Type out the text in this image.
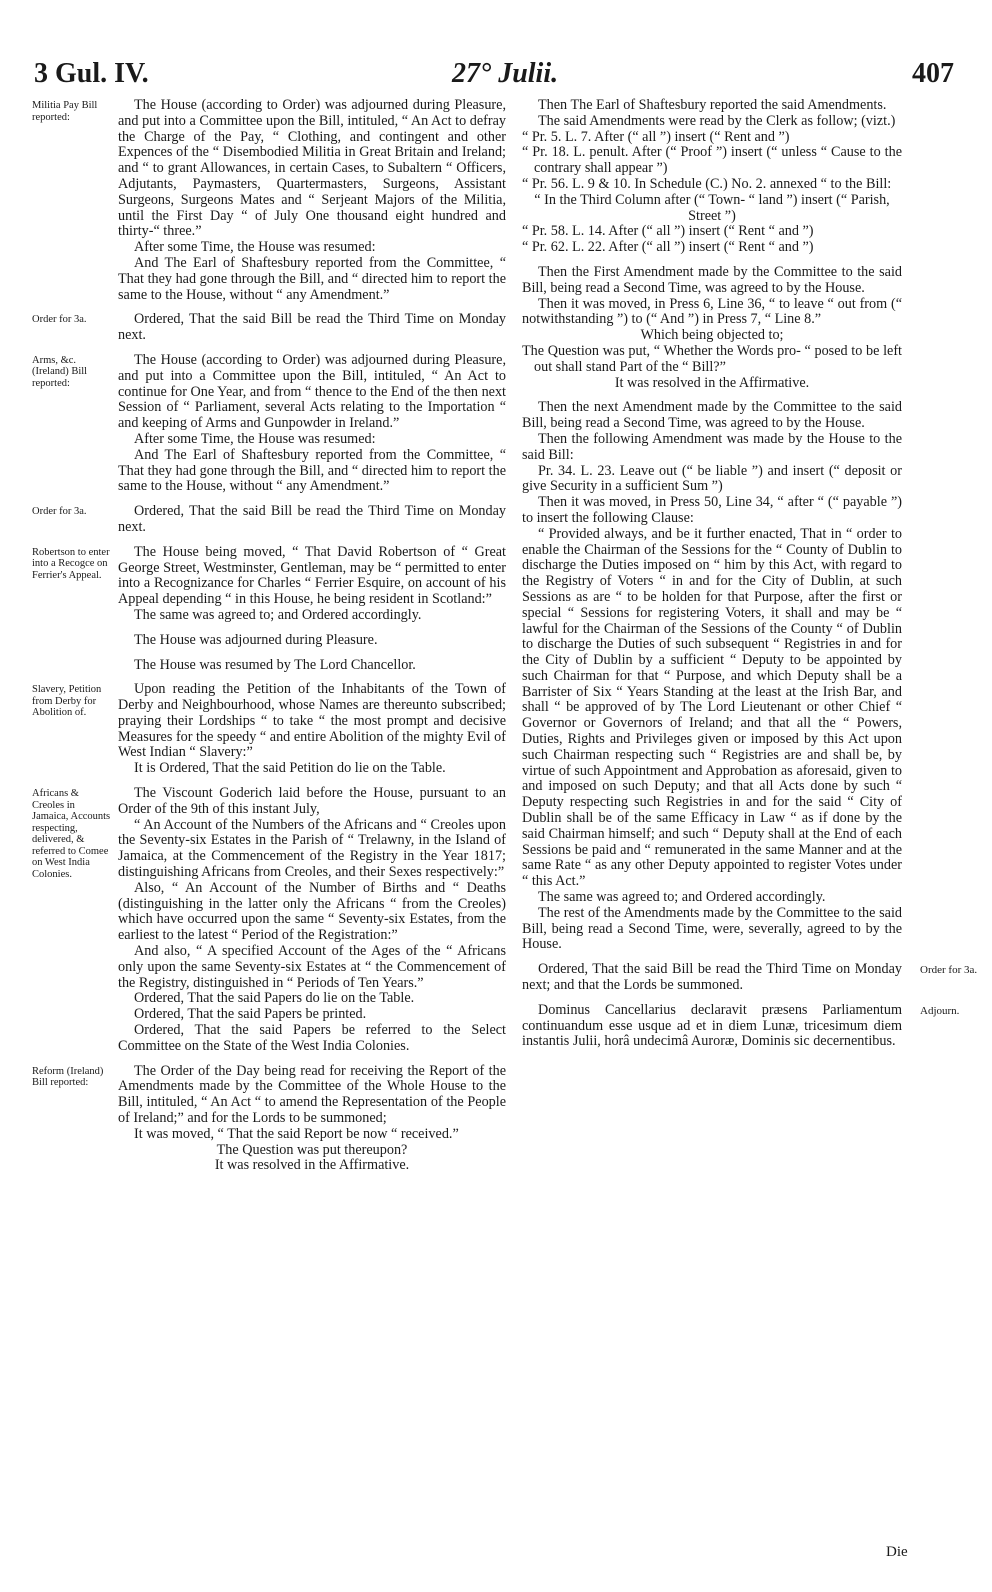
3 Gul. IV.	27° Julii.	407
Militia Pay Bill reported:

The House (according to Order) was adjourned during Pleasure, and put into a Committee upon the Bill, intituled, “ An Act to defray the Charge of the Pay, “ Clothing, and contingent and other Expences of the “ Disembodied Militia in Great Britain and Ireland; and “ to grant Allowances, in certain Cases, to Subaltern “ Officers, Adjutants, Paymasters, Quartermasters, Surgeons, Assistant Surgeons, Surgeons Mates and “ Serjeant Majors of the Militia, until the First Day “ of July One thousand eight hundred and thirty-“ three.”

After some Time, the House was resumed:

And The Earl of Shaftesbury reported from the Committee, “ That they had gone through the Bill, and “ directed him to report the same to the House, without “ any Amendment.”

Order for 3a.	Ordered, That the said Bill be read the Third Time on Monday next.

Arms, &c. (Ireland) Bill reported:

The House (according to Order) was adjourned during Pleasure, and put into a Committee upon the Bill, intituled, “ An Act to continue for One Year, and from “ thence to the End of the then next Session of “ Parliament, several Acts relating to the Importation “ and keeping of Arms and Gunpowder in Ireland.”

After some Time, the House was resumed:

And The Earl of Shaftesbury reported from the Committee, “ That they had gone through the Bill, and “ directed him to report the same to the House, without “ any Amendment.”

Order for 3a.	Ordered, That the said Bill be read the Third Time on Monday next.

Robertson to enter into a Recogce on Ferrier's Appeal.

The House being moved, “ That David Robertson of “ Great George Street, Westminster, Gentleman, may be “ permitted to enter into a Recognizance for Charles “ Ferrier Esquire, on account of his Appeal depending “ in this House, he being resident in Scotland:”

The same was agreed to; and Ordered accordingly.

The House was adjourned during Pleasure.

The House was resumed by The Lord Chancellor.

Slavery, Petition from Derby for Abolition of.

Upon reading the Petition of the Inhabitants of the Town of Derby and Neighbourhood, whose Names are thereunto subscribed; praying their Lordships “ to take “ the most prompt and decisive Measures for the speedy “ and entire Abolition of the mighty Evil of West Indian “ Slavery:”

It is Ordered, That the said Petition do lie on the Table.

Africans & Creoles in Jamaica, Accounts respecting, delivered, & referred to Comee on West India Colonies.

The Viscount Goderich laid before the House, pursuant to an Order of the 9th of this instant July,

“ An Account of the Numbers of the Africans and “ Creoles upon the Seventy-six Estates in the Parish of “ Trelawny, in the Island of Jamaica, at the Commencement of the Registry in the Year 1817; distinguishing Africans from Creoles, and their Sexes respectively:”

Also, “ An Account of the Number of Births and “ Deaths (distinguishing in the latter only the Africans “ from the Creoles) which have occurred upon the same “ Seventy-six Estates, from the earliest to the latest “ Period of the Registration:”

And also, “ A specified Account of the Ages of the “ Africans only upon the same Seventy-six Estates at “ the Commencement of the Registry, distinguished in “ Periods of Ten Years.”

Ordered, That the said Papers do lie on the Table.

Ordered, That the said Papers be printed.

Ordered, That the said Papers be referred to the Select Committee on the State of the West India Colonies.

Reform (Ireland) Bill reported:

The Order of the Day being read for receiving the Report of the Amendments made by the Committee of the Whole House to the Bill, intituled, “ An Act “ to amend the Representation of the People of Ireland;” and for the Lords to be summoned;

It was moved, “ That the said Report be now “ received.”

The Question was put thereupon?

It was resolved in the Affirmative.

Then The Earl of Shaftesbury reported the said Amendments.

The said Amendments were read by the Clerk as follow; (vizt.)

“ Pr. 5. L. 7. After (“ all ”) insert (“ Rent and ”)

“ Pr. 18. L. penult. After (“ Proof ”) insert (“ unless “ Cause to the contrary shall appear ”)

“ Pr. 56. L. 9 & 10. In Schedule (C.) No. 2. annexed “ to the Bill:

“ In the Third Column after (“ Town- “ land ”) insert (“ Parish, Street ”)

“ Pr. 58. L. 14. After (“ all ”) insert (“ Rent “ and ”)

“ Pr. 62. L. 22. After (“ all ”) insert (“ Rent “ and ”)

Then the First Amendment made by the Committee to the said Bill, being read a Second Time, was agreed to by the House.

Then it was moved, in Press 6, Line 36, “ to leave “ out from (“ notwithstanding ”) to (“ And ”) in Press 7, “ Line 8.”

Which being objected to;

The Question was put, “ Whether the Words pro- “ posed to be left out shall stand Part of the “ Bill?”

It was resolved in the Affirmative.

Then the next Amendment made by the Committee to the said Bill, being read a Second Time, was agreed to by the House.

Then the following Amendment was made by the House to the said Bill:

Pr. 34. L. 23. Leave out (“ be liable ”) and insert (“ deposit or give Security in a sufficient Sum ”)

Then it was moved, in Press 50, Line 34, “ after “ (“ payable ”) to insert the following Clause:

“ Provided always, and be it further enacted, That in “ order to enable the Chairman of the Sessions for the “ County of Dublin to discharge the Duties imposed on “ him by this Act, with regard to the Registry of Voters “ in and for the City of Dublin, at such Sessions as are “ to be holden for that Purpose, after the first or special “ Sessions for registering Voters, it shall and may be “ lawful for the Chairman of the Sessions of the County “ of Dublin to discharge the Duties of such subsequent “ Registries in and for the City of Dublin by a sufficient “ Deputy to be appointed by such Chairman for that “ Purpose, and which Deputy shall be a Barrister of Six “ Years Standing at the least at the Irish Bar, and shall “ be approved of by The Lord Lieutenant or other Chief “ Governor or Governors of Ireland; and that all the “ Powers, Duties, Rights and Privileges given or imposed by this Act upon such Chairman respecting such “ Registries are and shall be, by virtue of such Appointment and Approbation as aforesaid, given to and imposed on such Deputy; and that all Acts done by such “ Deputy respecting such Registries in and for the said “ City of Dublin shall be of the same Efficacy in Law “ as if done by the said Chairman himself; and such “ Deputy shall at the End of each Sessions be paid and “ remunerated in the same Manner and at the same Rate “ as any other Deputy appointed to register Votes under “ this Act.”

The same was agreed to; and Ordered accordingly.

The rest of the Amendments made by the Committee to the said Bill, being read a Second Time, were, severally, agreed to by the House.

Order for 3a.

Ordered, That the said Bill be read the Third Time on Monday next; and that the Lords be summoned.

Adjourn.

Dominus Cancellarius declaravit præsens Parliamentum continuandum esse usque ad et in diem Lunæ, tricesimum diem instantis Julii, horâ undecimâ Auroræ, Dominis sic decernentibus.

Die
